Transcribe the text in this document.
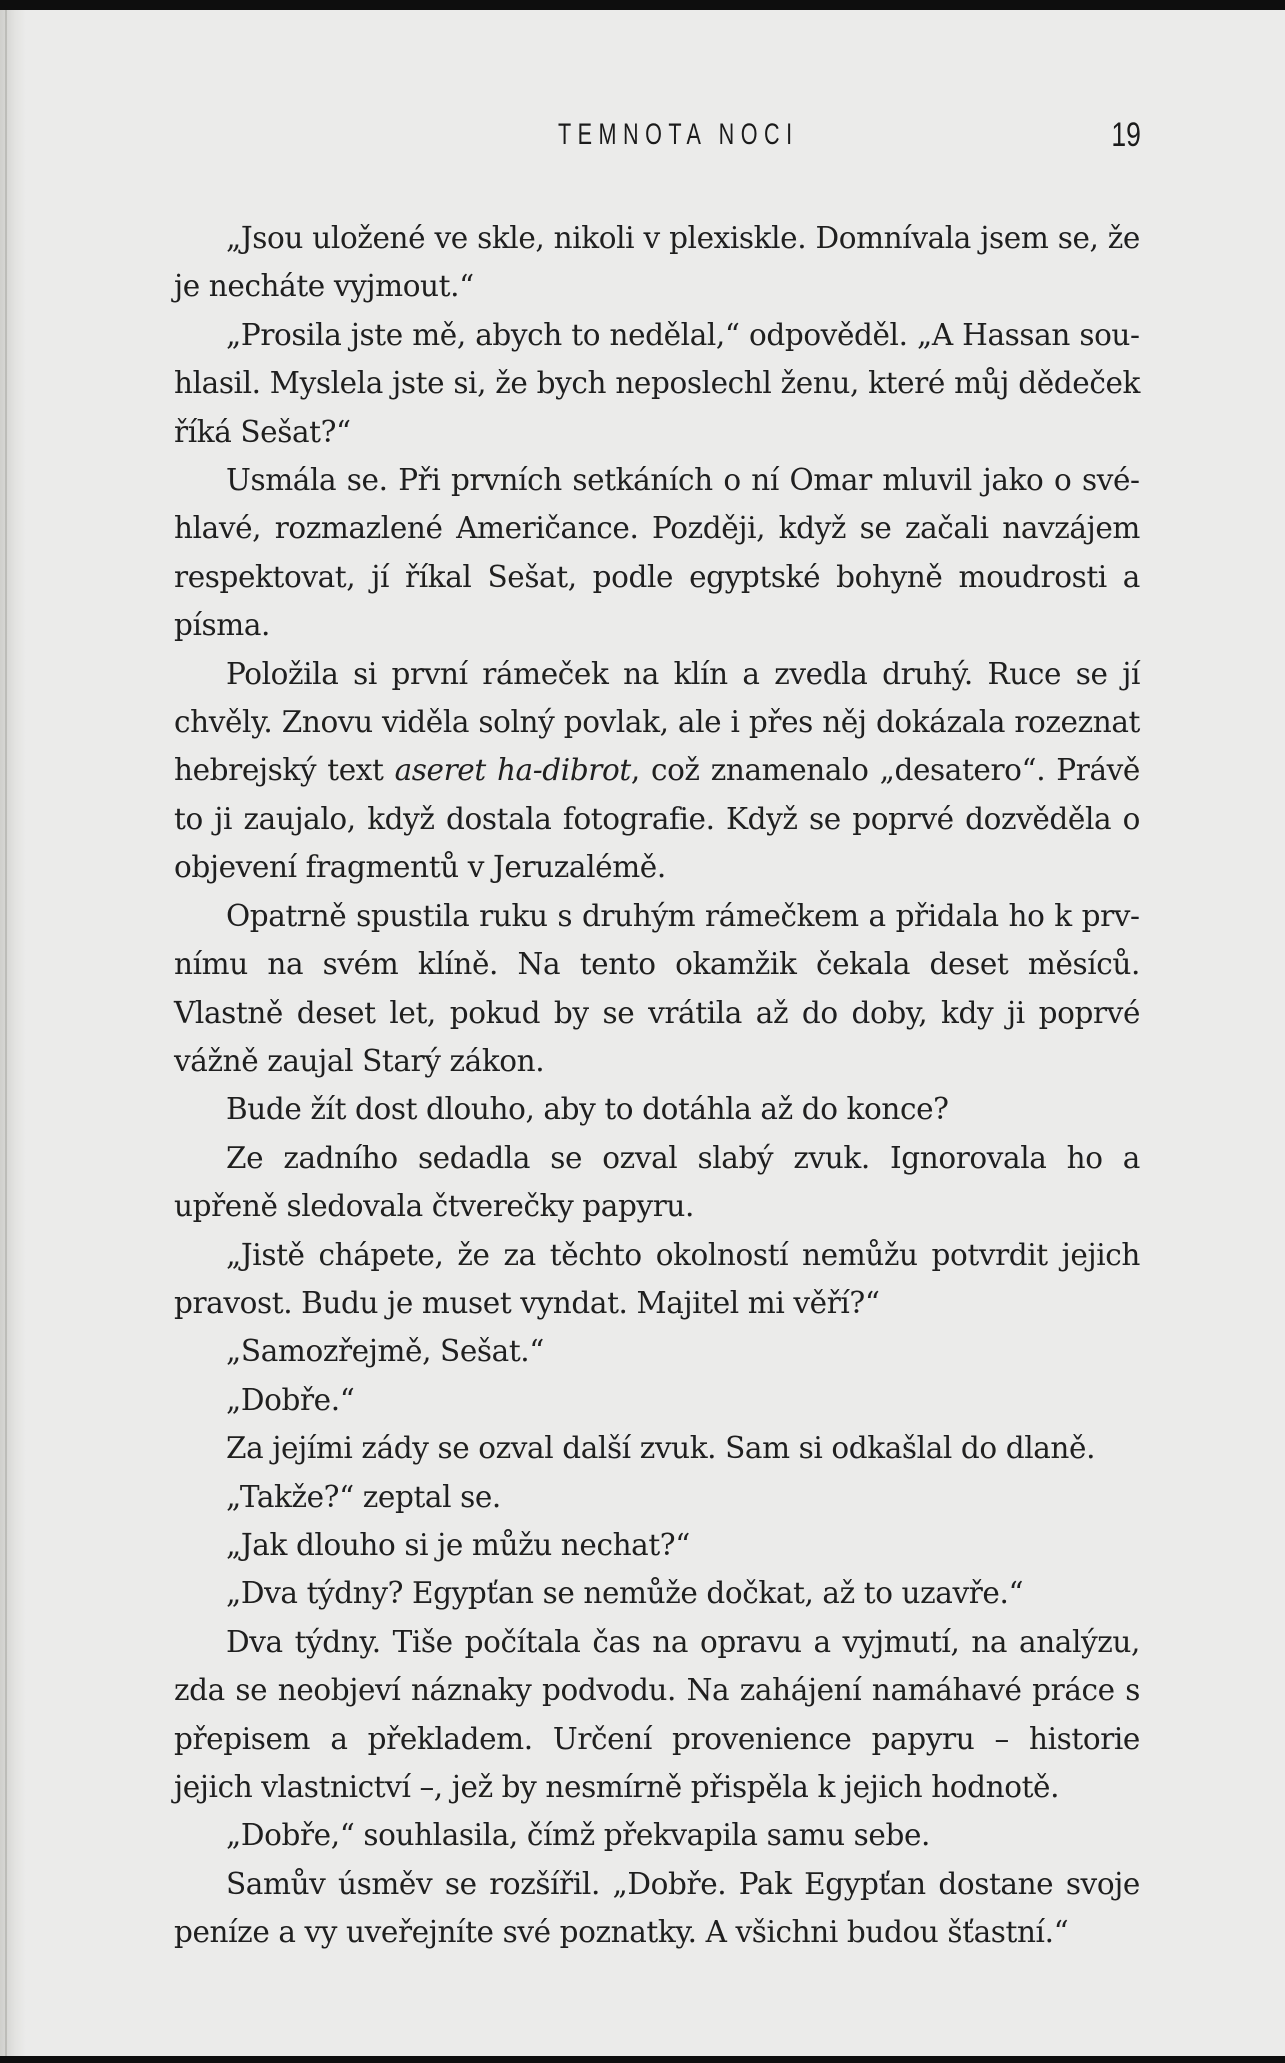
TEMNOTA NOCI	19

„Jsou uložené ve skle, nikoli v plexiskle. Domnívala jsem se, že je necháte vyjmout.“

„Prosila jste mě, abych to nedělal,“ odpověděl. „A Hassan souhlasil. Myslela jste si, že bych neposlechl ženu, které můj dědeček říká Sešat?“

Usmála se. Při prvních setkáních o ní Omar mluvil jako o svéhlavé, rozmazlené Američance. Později, když se začali navzájem respektovat, jí říkal Sešat, podle egyptské bohyně moudrosti a písma.

Položila si první rámeček na klín a zvedla druhý. Ruce se jí chvěly. Znovu viděla solný povlak, ale i přes něj dokázala rozeznat hebrejský text aseret ha-dibrot, což znamenalo „desatero“. Právě to ji zaujalo, když dostala fotografie. Když se poprvé dozvěděla o objevení fragmentů v Jeruzalémě.

Opatrně spustila ruku s druhým rámečkem a přidala ho k prvnímu na svém klíně. Na tento okamžik čekala deset měsíců. Vlastně deset let, pokud by se vrátila až do doby, kdy ji poprvé vážně zaujal Starý zákon.

Bude žít dost dlouho, aby to dotáhla až do konce?

Ze zadního sedadla se ozval slabý zvuk. Ignorovala ho a upřeně sledovala čtverečky papyru.

„Jistě chápete, že za těchto okolností nemůžu potvrdit jejich pravost. Budu je muset vyndat. Majitel mi věří?“

„Samozřejmě, Sešat.“

„Dobře.“

Za jejími zády se ozval další zvuk. Sam si odkašlal do dlaně.

„Takže?“ zeptal se.

„Jak dlouho si je můžu nechat?“

„Dva týdny? Egypťan se nemůže dočkat, až to uzavře.“

Dva týdny. Tiše počítala čas na opravu a vyjmutí, na analýzu, zda se neobjeví náznaky podvodu. Na zahájení namáhavé práce s přepisem a překladem. Určení provenience papyru – historie jejich vlastnictví –, jež by nesmírně přispěla k jejich hodnotě.

„Dobře,“ souhlasila, čímž překvapila samu sebe.

Samův úsměv se rozšířil. „Dobře. Pak Egypťan dostane svoje peníze a vy uveřejníte své poznatky. A všichni budou šťastní.“
